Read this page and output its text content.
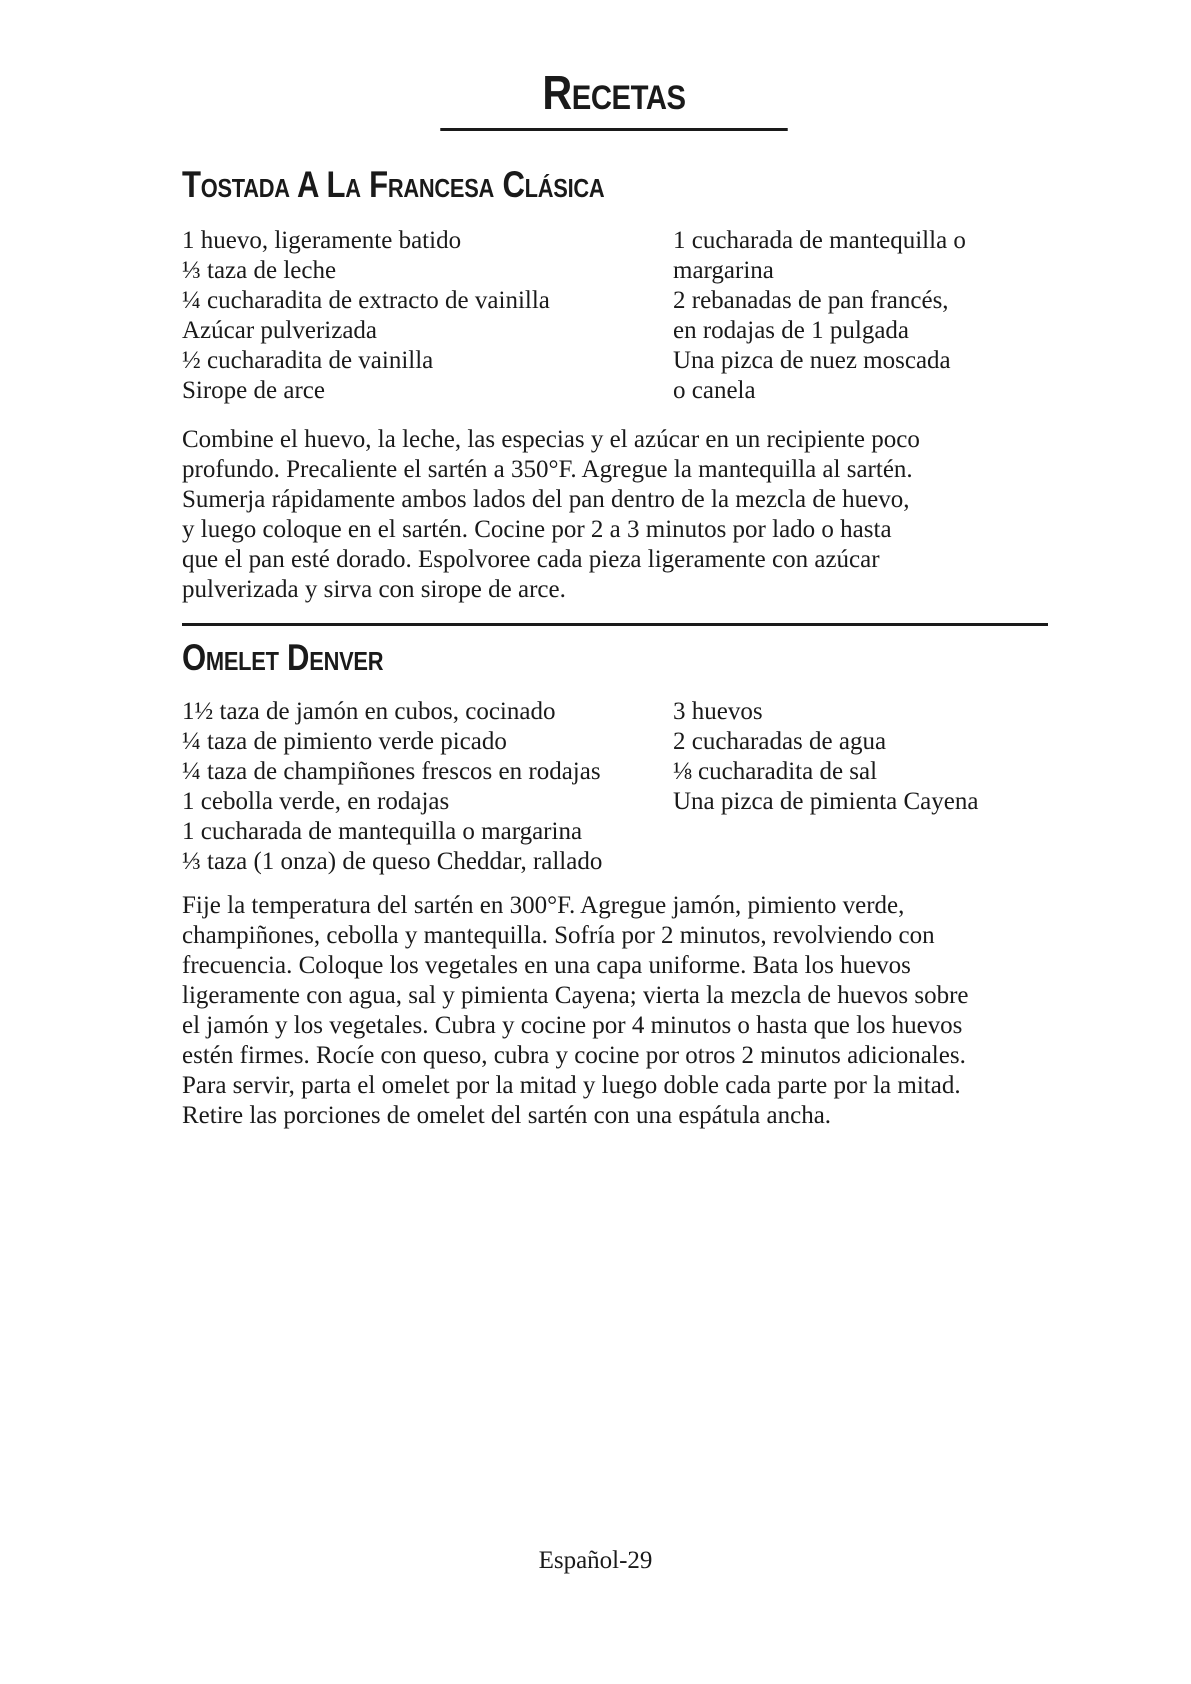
Recetas
Tostada A La Francesa Clásica
1 huevo, ligeramente batido
⅓ taza de leche
¼ cucharadita de extracto de vainilla
Azúcar pulverizada
½ cucharadita de vainilla
Sirope de arce
1 cucharada de mantequilla o
margarina
2 rebanadas de pan francés,
en rodajas de 1 pulgada
Una pizca de nuez moscada
o canela

Combine el huevo, la leche, las especias y el azúcar en un recipiente poco
profundo. Precaliente el sartén a 350°F. Agregue la mantequilla al sartén.
Sumerja rápidamente ambos lados del pan dentro de la mezcla de huevo,
y luego coloque en el sartén. Cocine por 2 a 3 minutos por lado o hasta
que el pan esté dorado. Espolvoree cada pieza ligeramente con azúcar
pulverizada y sirva con sirope de arce.

Omelet Denver
1½ taza de jamón en cubos, cocinado
¼ taza de pimiento verde picado
¼ taza de champiñones frescos en rodajas
1 cebolla verde, en rodajas
1 cucharada de mantequilla o margarina
⅓ taza (1 onza) de queso Cheddar, rallado
3 huevos
2 cucharadas de agua
⅛ cucharadita de sal
Una pizca de pimienta Cayena

Fije la temperatura del sartén en 300°F. Agregue jamón, pimiento verde,
champiñones, cebolla y mantequilla. Sofría por 2 minutos, revolviendo con
frecuencia. Coloque los vegetales en una capa uniforme. Bata los huevos
ligeramente con agua, sal y pimienta Cayena; vierta la mezcla de huevos sobre
el jamón y los vegetales. Cubra y cocine por 4 minutos o hasta que los huevos
estén firmes. Rocíe con queso, cubra y cocine por otros 2 minutos adicionales.
Para servir, parta el omelet por la mitad y luego doble cada parte por la mitad.
Retire las porciones de omelet del sartén con una espátula ancha.

Español-29
